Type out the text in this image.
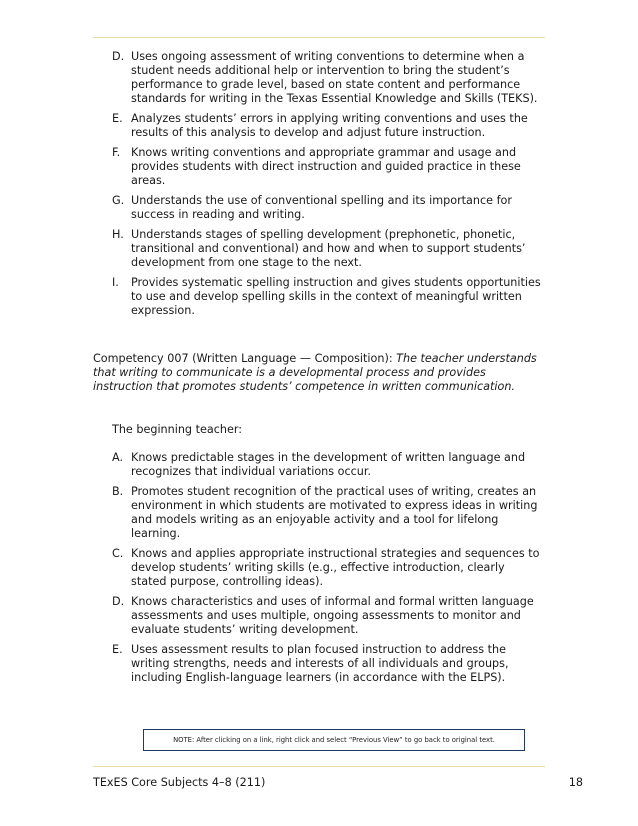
D. Uses ongoing assessment of writing conventions to determine when a student needs additional help or intervention to bring the student’s performance to grade level, based on state content and performance standards for writing in the Texas Essential Knowledge and Skills (TEKS).
E. Analyzes students’ errors in applying writing conventions and uses the results of this analysis to develop and adjust future instruction.
F. Knows writing conventions and appropriate grammar and usage and provides students with direct instruction and guided practice in these areas.
G. Understands the use of conventional spelling and its importance for success in reading and writing.
H. Understands stages of spelling development (prephonetic, phonetic, transitional and conventional) and how and when to support students’ development from one stage to the next.
I.	Provides systematic spelling instruction and gives students opportunities to use and develop spelling skills in the context of meaningful written expression.
Competency 007 (Written Language — Composition): The teacher understands that writing to communicate is a developmental process and provides instruction that promotes students’ competence in written communication.
The beginning teacher:
A. Knows predictable stages in the development of written language and recognizes that individual variations occur.
B. Promotes student recognition of the practical uses of writing, creates an environment in which students are motivated to express ideas in writing and models writing as an enjoyable activity and a tool for lifelong learning.
C. Knows and applies appropriate instructional strategies and sequences to develop students’ writing skills (e.g., effective introduction, clearly stated purpose, controlling ideas).
D. Knows characteristics and uses of informal and formal written language assessments and uses multiple, ongoing assessments to monitor and evaluate students’ writing development.
E. Uses assessment results to plan focused instruction to address the writing strengths, needs and interests of all individuals and groups, including English-language learners (in accordance with the ELPS).
NOTE: After clicking on a link, right click and select “Previous View” to go back to original text.
TExES Core Subjects 4–8 (211)	18
